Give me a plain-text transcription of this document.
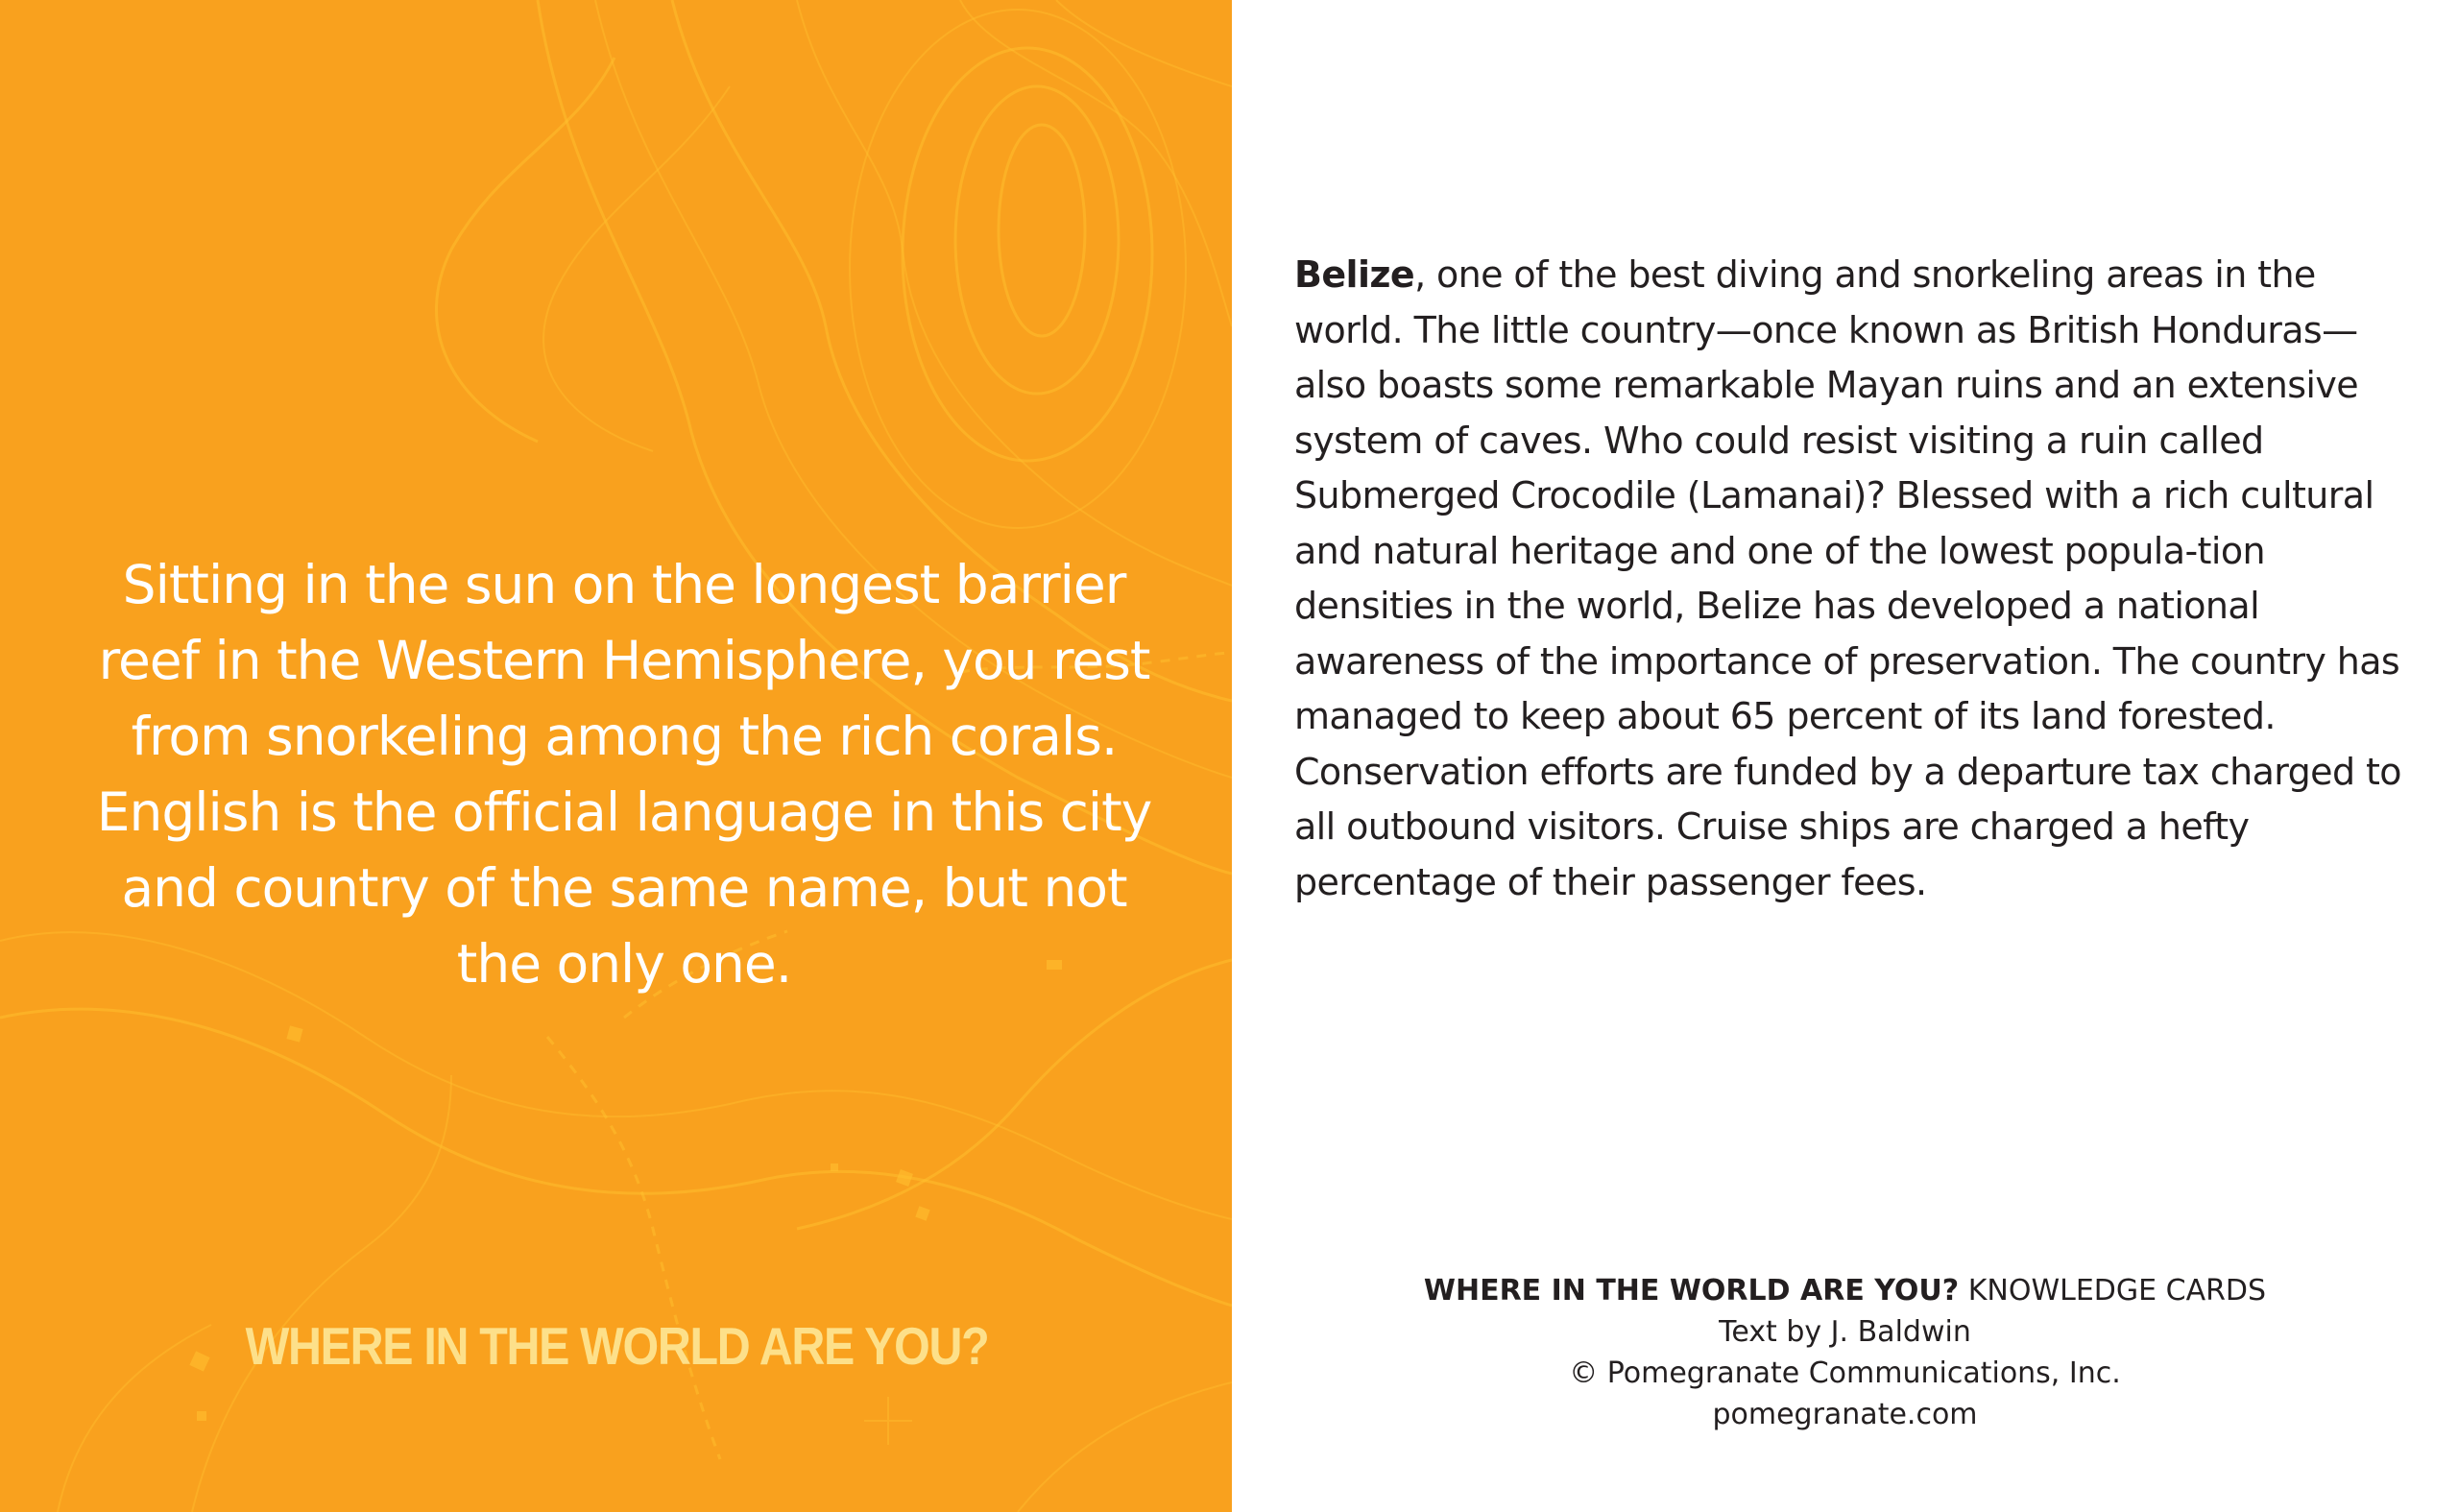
Sitting in the sun on the longest barrier reef in the Western Hemisphere, you rest from snorkeling among the rich corals. English is the official language in this city and country of the same name, but not the only one.

WHERE IN THE WORLD ARE YOU?

Belize, one of the best diving and snorkeling areas in the world. The little country—once known as British Honduras—also boasts some remarkable Mayan ruins and an extensive system of caves. Who could resist visiting a ruin called Submerged Crocodile (Lamanai)? Blessed with a rich cultural and natural heritage and one of the lowest popula-tion densities in the world, Belize has developed a national awareness of the importance of preservation. The country has managed to keep about 65 percent of its land forested. Conservation efforts are funded by a departure tax charged to all outbound visitors. Cruise ships are charged a hefty percentage of their passenger fees.

WHERE IN THE WORLD ARE YOU? KNOWLEDGE CARDS
Text by J. Baldwin
© Pomegranate Communications, Inc.
pomegranate.com
